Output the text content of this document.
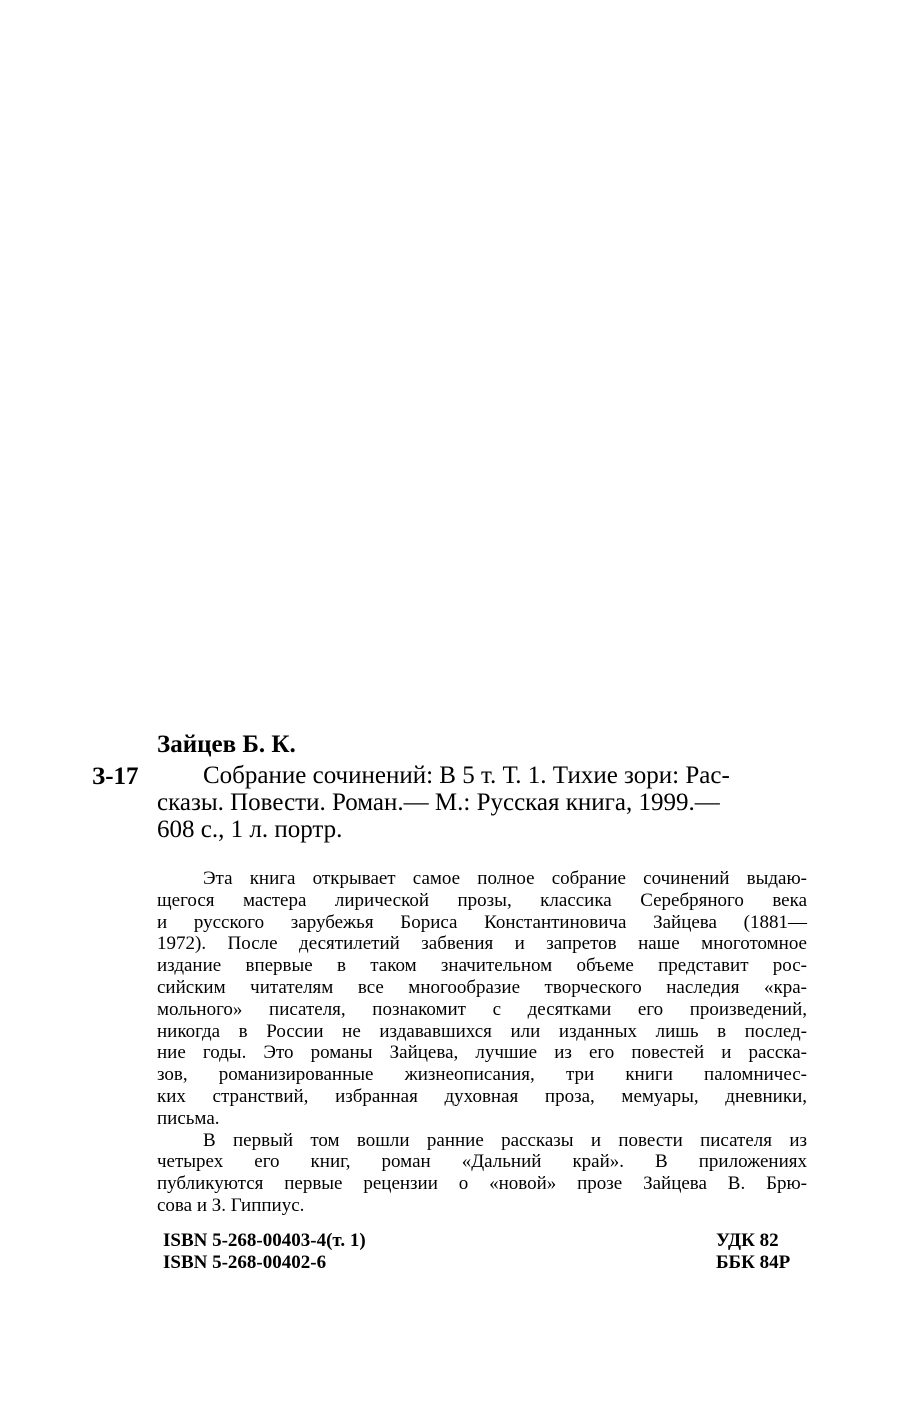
Зайцев Б. К.
З-17	Собрание сочинений: В 5 т. Т. 1. Тихие зори: Рас-
сказы. Повести. Роман.— М.: Русская книга, 1999.—
608 с., 1 л. портр.
Эта книга открывает самое полное собрание сочинений выдаю-
щегося мастера лирической прозы, классика Серебряного века
и русского зарубежья Бориса Константиновича Зайцева (1881—
1972). После десятилетий забвения и запретов наше многотомное
издание впервые в таком значительном объеме представит рос-
сийским читателям все многообразие творческого наследия «кра-
мольного» писателя, познакомит с десятками его произведений,
никогда в России не издававшихся или изданных лишь в послед-
ние годы. Это романы Зайцева, лучшие из его повестей и расска-
зов, романизированные жизнеописания, три книги паломничес-
ких странствий, избранная духовная проза, мемуары, дневники,
письма.
В первый том вошли ранние рассказы и повести писателя из
четырех его книг, роман «Дальний край». В приложениях
публикуются первые рецензии о «новой» прозе Зайцева В. Брю-
сова и З. Гиппиус.
ISBN 5-268-00403-4(т. 1)
ISBN 5-268-00402-6
УДК 82
ББК 84Р
